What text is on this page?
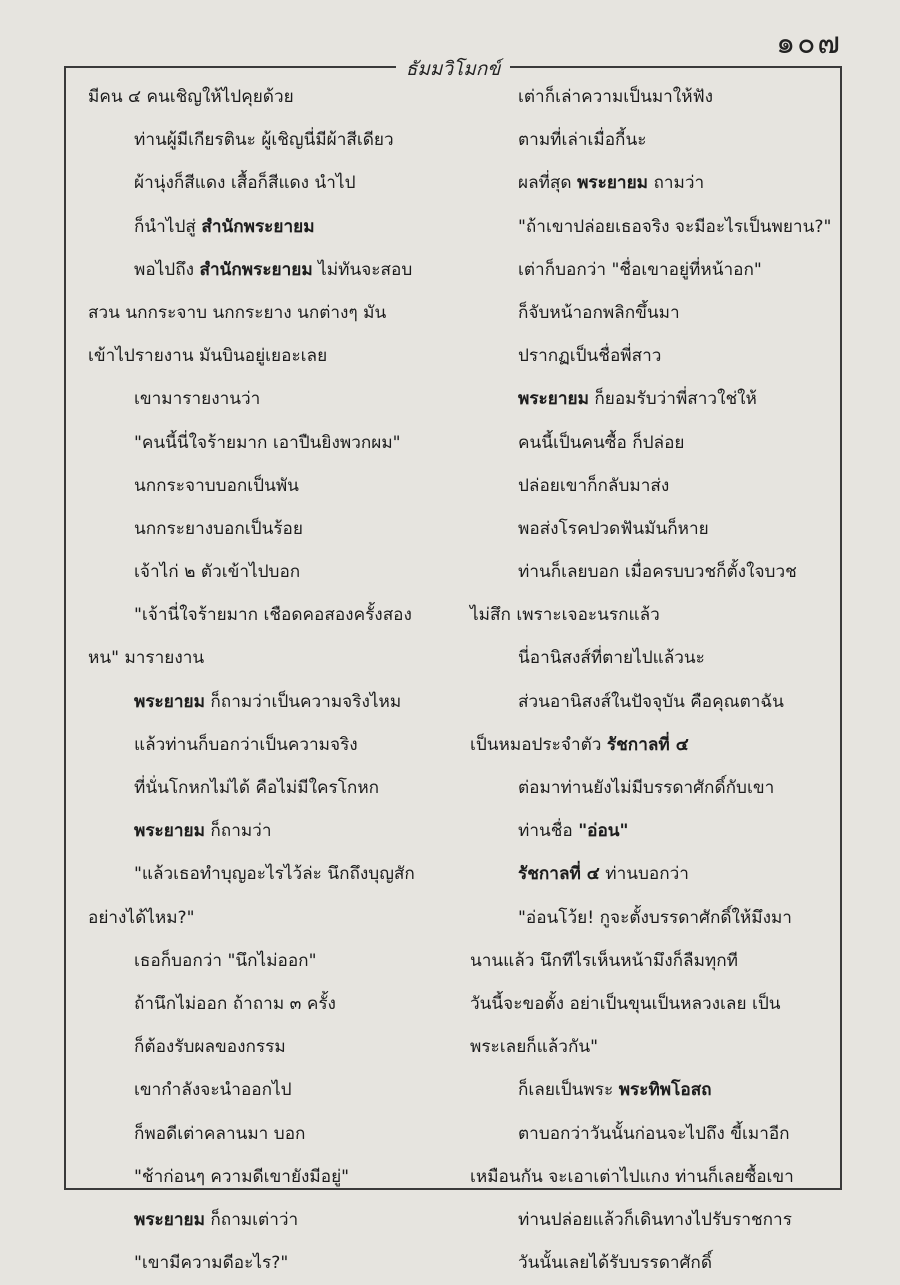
๑๐๗
ธัมมวิโมกข์
มีคน ๔ คนเชิญให้ไปคุยด้วย
ท่านผู้มีเกียรตินะ ผู้เชิญนี่มีผ้าสีเดียว
ผ้านุ่งก็สีแดง เสื้อก็สีแดง นำไป
ก็นำไปสู่ สำนักพระยายม
พอไปถึง สำนักพระยายม ไม่ทันจะสอบ
สวน นกกระจาบ นกกระยาง นกต่างๆ มัน
เข้าไปรายงาน มันบินอยู่เยอะเลย
เขามารายงานว่า
"คนนี้นี่ใจร้ายมาก เอาปืนยิงพวกผม"
นกกระจาบบอกเป็นพัน
นกกระยางบอกเป็นร้อย
เจ้าไก่ ๒ ตัวเข้าไปบอก
"เจ้านี่ใจร้ายมาก เชือดคอสองครั้งสอง
หน" มารายงาน
พระยายม ก็ถามว่าเป็นความจริงไหม
แล้วท่านก็บอกว่าเป็นความจริง
ที่นั่นโกหกไม่ได้ คือไม่มีใครโกหก
พระยายม ก็ถามว่า
"แล้วเธอทำบุญอะไรไว้ล่ะ นึกถึงบุญสัก
อย่างได้ไหม?"
เธอก็บอกว่า "นึกไม่ออก"
ถ้านึกไม่ออก ถ้าถาม ๓ ครั้ง
ก็ต้องรับผลของกรรม
เขากำลังจะนำออกไป
ก็พอดีเต่าคลานมา บอก
"ช้าก่อนๆ ความดีเขายังมีอยู่"
พระยายม ก็ถามเต่าว่า
"เขามีความดีอะไร?"
เต่าก็เล่าความเป็นมาให้ฟัง
ตามที่เล่าเมื่อกี้นะ
ผลที่สุด พระยายม ถามว่า
"ถ้าเขาปล่อยเธอจริง จะมีอะไรเป็นพยาน?"
เต่าก็บอกว่า "ชื่อเขาอยู่ที่หน้าอก"
ก็จับหน้าอกพลิกขึ้นมา
ปรากฏเป็นชื่อพี่สาว
พระยายม ก็ยอมรับว่าพี่สาวใช่ให้
คนนี้เป็นคนซื้อ ก็ปล่อย
ปล่อยเขาก็กลับมาส่ง
พอส่งโรคปวดฟันมันก็หาย
ท่านก็เลยบอก เมื่อครบบวชก็ตั้งใจบวช
ไม่สึก เพราะเจอะนรกแล้ว
นี่อานิสงส์ที่ตายไปแล้วนะ
ส่วนอานิสงส์ในปัจจุบัน คือคุณตาฉัน
เป็นหมอประจำตัว รัชกาลที่ ๔
ต่อมาท่านยังไม่มีบรรดาศักดิ์กับเขา
ท่านชื่อ "อ่อน"
รัชกาลที่ ๔ ท่านบอกว่า
"อ่อนโว้ย! กูจะตั้งบรรดาศักดิ์ให้มึงมา
นานแล้ว นึกทีไรเห็นหน้ามึงก็ลืมทุกที
วันนี้จะขอตั้ง อย่าเป็นขุนเป็นหลวงเลย เป็น
พระเลยก็แล้วกัน"
ก็เลยเป็นพระ พระทิพโอสถ
ตาบอกว่าวันนั้นก่อนจะไปถึง ขี้เมาอีก
เหมือนกัน จะเอาเต่าไปแกง ท่านก็เลยซื้อเขา
ท่านปล่อยแล้วก็เดินทางไปรับราชการ
วันนั้นเลยได้รับบรรดาศักดิ์
